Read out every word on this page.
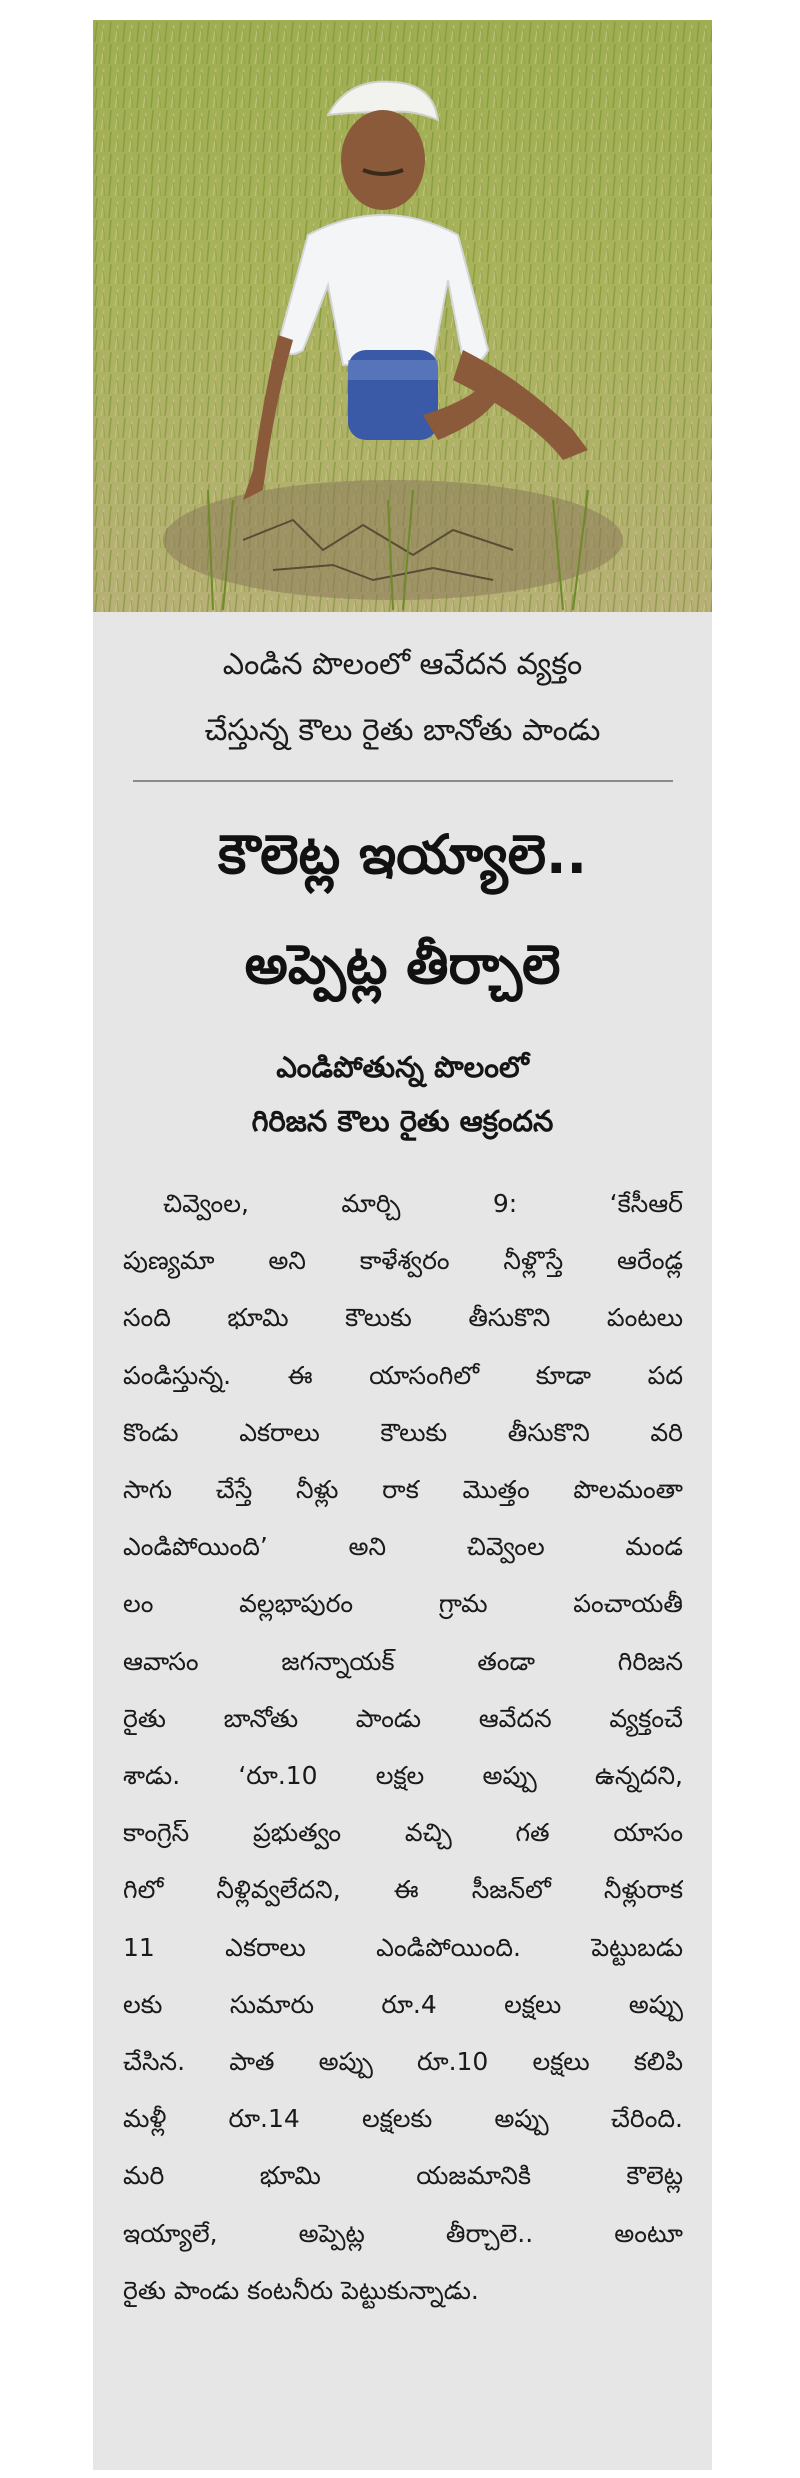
ఎండిన పొలంలో ఆవేదన వ్యక్తం
చేస్తున్న కౌలు రైతు బానోతు పాండు
కౌలెట్ల ఇయ్యాలె..
అప్పెట్ల తీర్చాలె
ఎండిపోతున్న పొలంలో
గిరిజన కౌలు రైతు ఆక్రందన
చివ్వెంల, మార్చి 9: ‘కేసీఆర్
పుణ్యమా అని కాళేశ్వరం నీళ్లొస్తే ఆరేండ్ల
సంది భూమి కౌలుకు తీసుకొని పంటలు
పండిస్తున్న. ఈ యాసంగిలో కూడా పద
కొండు ఎకరాలు కౌలుకు తీసుకొని వరి
సాగు చేస్తే నీళ్లు రాక మొత్తం పొలమంతా
ఎండిపోయింది’ అని చివ్వెంల మండ
లం వల్లభాపురం గ్రామ పంచాయతీ
ఆవాసం జగన్నాయక్ తండా గిరిజన
రైతు బానోతు పాండు ఆవేదన వ్యక్తంచే
శాడు. ‘రూ.10 లక్షల అప్పు ఉన్నదని,
కాంగ్రెస్ ప్రభుత్వం వచ్చి గత యాసం
గిలో నీళ్లివ్వలేదని, ఈ సీజన్‌లో నీళ్లురాక
11 ఎకరాలు ఎండిపోయింది. పెట్టుబడు
లకు సుమారు రూ.4 లక్షలు అప్పు
చేసిన. పాత అప్పు రూ.10 లక్షలు కలిపి
మళ్లీ రూ.14 లక్షలకు అప్పు చేరింది.
మరి భూమి యజమానికి కౌలెట్ల
ఇయ్యాలే, అప్పెట్ల తీర్చాలె.. అంటూ
రైతు పాండు కంటనీరు పెట్టుకున్నాడు.
